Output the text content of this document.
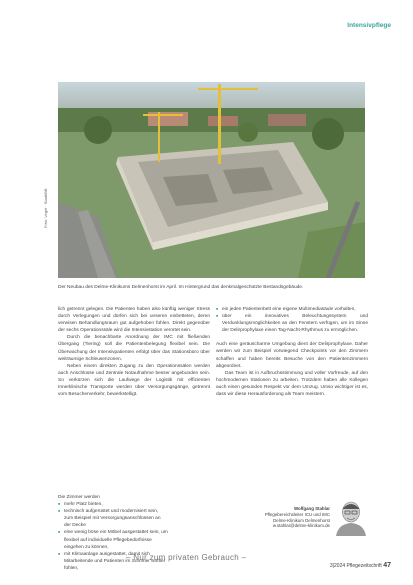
Intensivpflege
Foto: Vogel · Stadt/BB
Der Neubau des Delme-Klinikums Delmenhorst im April. Im Hintergrund das denkmalgeschützte Bestandsgebäude.

lich getrennt gelegen. Die Patienten haben also künftig weniger Stress durch Verlegungen und dürfen sich bei unseren einbetteten, deren verwisen Behandlungsraum gut aufgehoben fühlen. Direkt gegenüber der sechs Operationssäle wird die Intensivstation verortet sein.

Durch die benachbarte Anordnung der IMC mit fließenden Übergang (Tiering) soll die Patientenbelegung flexibel sein. Die Überwachung der Intensivpatienten erfolgt über das Stationsbüro über weiträumige Schleusenzonen.

Neben einem direkten Zugang zu den Operationssälen werden auch Anschlüsse und Zentrale Notaufnahme besser angebunden sein. So verkürzen sich die Laufwege der Logistik mit effizienten Innerklinische Transporte werden über Versorgungsgänge, getrennt vom Besucherverkehr, bewerkstelligt.

■ ein jeden Patientenbett eine eigene Multimediasäule vorhalten,
■ über ein innovatives Beleuchtungssystem und Verdunklungsmöglichkeiten an den Fenstern verfügen, um im Sinne der Delirprophylaxe einen Tag-Nacht-Rhythmus zu ermöglichen.

Auch eine geräuscharme Umgebung dient der Delirprophylaxe. Daher werden wir zum Beispiel vorwiegend Checkpoints vor den Zimmern schaffen und haben bereits Besuche von den Patientenzimmern abgeordnet.

Das Team ist in Aufbruchsstimmung und voller Vorfreude, auf den hochmodernen Stationen zu arbeiten. Trotzdem haben alle Kollegen auch einen gesunden Respekt vor dem Umzug. Umso wichtiger ist es, dass wir diese Herausforderung als Team meistern.

Die Zimmer werden

■ mehr Platz bieten,
■ technisch aufgerüstet und modernisiert sein, zum Beispiel mit Versorgungsanschlüssen an der Decke
■ eine wenig böse ein Möbel ausgestattet sein, um flexibel auf individuelle Pflegebedürfnisse eingehen zu können,
■ mit Klimaanlage ausgestattet, damit sich Mitarbeitende und Patienten im Sommer wohler fühlen,
Wolfgang Stahlar
Pflegebereichsleiter ICU und IMC
Delme-Klinikum Delmenhorst
w.stahlar@delme-klinikum.de
– Nur zum privaten Gebrauch –
3|2024 Pflegezeitschrift 47
